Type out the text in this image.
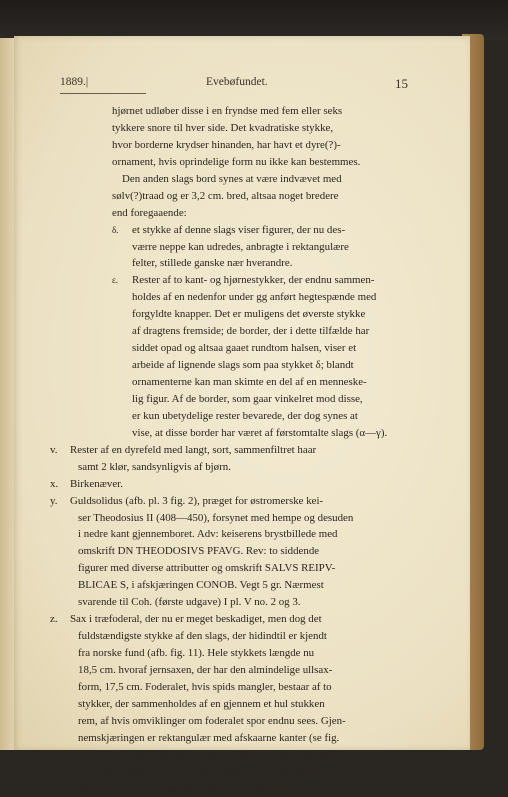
1889.|	Evebøfundet.	15
hjørnet udløber disse i en fryndse med fem eller seks
tykkere snore til hver side. Det kvadratiske stykke,
hvor borderne krydser hinanden, har havt et dyre(?)-
ornament, hvis oprindelige form nu ikke kan bestemmes.
Den anden slags bord synes at være indvævet med
sølv(?)traad og er 3,2 cm. bred, altsaa noget bredere
end foregaaende:
δ. et stykke af denne slags viser figurer, der nu des-
værre neppe kan udredes, anbragte i rektangulære
felter, stillede ganske nær hverandre.
ε. Rester af to kant- og hjørnestykker, der endnu sammen-
holdes af en nedenfor under gg anført hegtespænde med
forgyldte knapper. Det er muligens det øverste stykke
af dragtens fremside; de border, der i dette tilfælde har
siddet opad og altsaa gaaet rundtom halsen, viser et
arbeide af lignende slags som paa stykket δ; blandt
ornamenterne kan man skimte en del af en menneske-
lig figur. Af de border, som gaar vinkelret mod disse,
er kun ubetydelige rester bevarede, der dog synes at
vise, at disse border har været af førstomtalte slags (α—γ).
v. Rester af en dyrefeld med langt, sort, sammenfiltret haar
samt 2 klør, sandsynligvis af bjørn.
x. Birkenæver.
y. Guldsolidus (afb. pl. 3 fig. 2), præget for østromerske kei-
ser Theodosius II (408—450), forsynet med hempe og desuden
i nedre kant gjennemboret. Adv: keiserens brystbillede med
omskrift DN THEODOSIVS PFAVG. Rev: to siddende
figurer med diverse attributter og omskrift SALVS REIPV-
BLICAE S, i afskjæringen CONOB. Vegt 5 gr. Nærmest
svarende til Coh. (første udgave) I pl. V no. 2 og 3.
z. Sax i træfoderal, der nu er meget beskadiget, men dog det
fuldstændigste stykke af den slags, der hidindtil er kjendt
fra norske fund (afb. fig. 11). Hele stykkets længde nu
18,5 cm. hvoraf jernsaxen, der har den almindelige ullsax-
form, 17,5 cm. Foderalet, hvis spids mangler, bestaar af to
stykker, der sammenholdes af en gjennem et hul stukken
rem, af hvis omviklinger om foderalet spor endnu sees. Gjen-
nemskjæringen er rektangulær med afskaarne kanter (se fig.
11); de saaledes opkomne smale skraasider er prydede med to
fine linjer langs hver kant. Øvre ende er afrundet. Materi-
alet er løvtræ, men kan ikke nærmere bestemmes.
